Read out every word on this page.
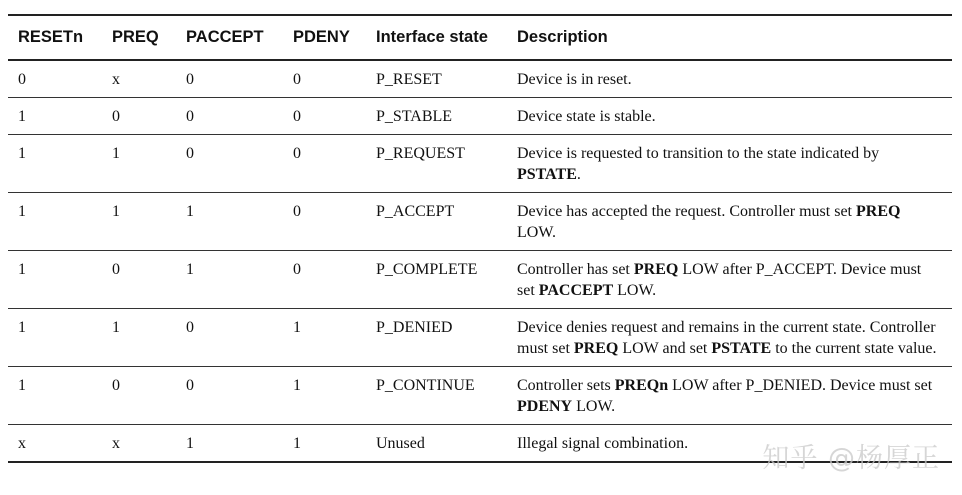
RESETn	PREQ	PACCEPT	PDENY	Interface state	Description
0	x	0	0	P_RESET	Device is in reset.
1	0	0	0	P_STABLE	Device state is stable.
1	1	0	0	P_REQUEST	Device is requested to transition to the state indicated by PSTATE.
1	1	1	0	P_ACCEPT	Device has accepted the request. Controller must set PREQ LOW.
1	0	1	0	P_COMPLETE	Controller has set PREQ LOW after P_ACCEPT. Device must set PACCEPT LOW.
1	1	0	1	P_DENIED	Device denies request and remains in the current state. Controller must set PREQ LOW and set PSTATE to the current state value.
1	0	0	1	P_CONTINUE	Controller sets PREQn LOW after P_DENIED. Device must set PDENY LOW.
x	x	1	1	Unused	Illegal signal combination.	知乎 @杨厚正
